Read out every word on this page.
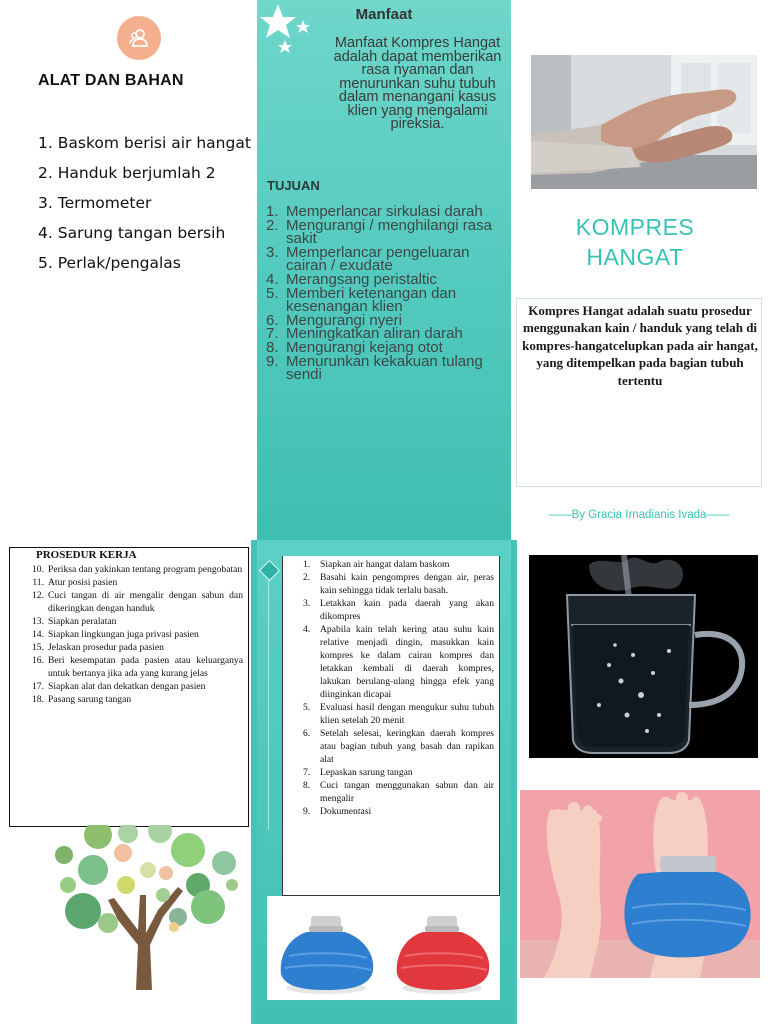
ALAT DAN BAHAN
1. Baskom berisi air hangat
2. Handuk berjumlah 2
3. Termometer
4. Sarung tangan bersih
5. Perlak/pengalas
Manfaat
Manfaat Kompres Hangat adalah dapat memberikan rasa nyaman dan menurunkan suhu tubuh dalam menangani kasus klien yang mengalami pireksia.
TUJUAN
1. Memperlancar sirkulasi darah
2. Mengurangi / menghilangi rasa sakit
3. Memperlancar pengeluaran cairan / exudate
4. Merangsang peristaltic
5. Memberi ketenangan dan kesenangan klien
6. Mengurangi nyeri
7. Meningkatkan aliran darah
8. Mengurangi kejang otot
9. Menurunkan kekakuan tulang sendi
KOMPRES
HANGAT
Kompres Hangat adalah suatu prosedur menggunakan kain / handuk yang telah di kompres-hangatcelupkan pada air hangat, yang ditempelkan pada bagian tubuh tertentu
——By Gracia Irnadianis Ivada——
PROSEDUR KERJA
10. Periksa dan yakinkan tentang program pengobatan
11. Atur posisi pasien
12. Cuci tangan di air mengalir dengan sabun dan dikeringkan dengan handuk
13. Siapkan peralatan
14. Siapkan lingkungan juga privasi pasien
15. Jelaskan prosedur pada pasien
16. Beri kesempatan pada pasien atau keluarganya untuk bertanya jika ada yang kurang jelas
17. Siapkan alat dan dekatkan dengan pasien
18. Pasang sarung tangan
1.	Siapkan air hangat dalam baskom
2.	Basahi kain pengompres dengan air, peras kain sehingga tidak terlalu basah.
3.	Letakkan kain pada daerah yang akan dikompres
4.	Apabila kain telah kering atau suhu kain relative menjadi dingin, masukkan kain kompres ke dalam cairan kompres dan letakkan kembali di daerah kompres, lakukan berulang-ulang hingga efek yang diinginkan dicapai
5.	Evaluasi hasil dengan mengukur suhu tubuh klien setelah 20 menit
6.	Setelah selesai, keringkan daerah kompres atau bagian tubuh yang basah dan rapikan alat
7.	Lepaskan sarung tangan
8.	Cuci tangan menggunakan sabun dan air mengalir
9.	Dokumentasi
